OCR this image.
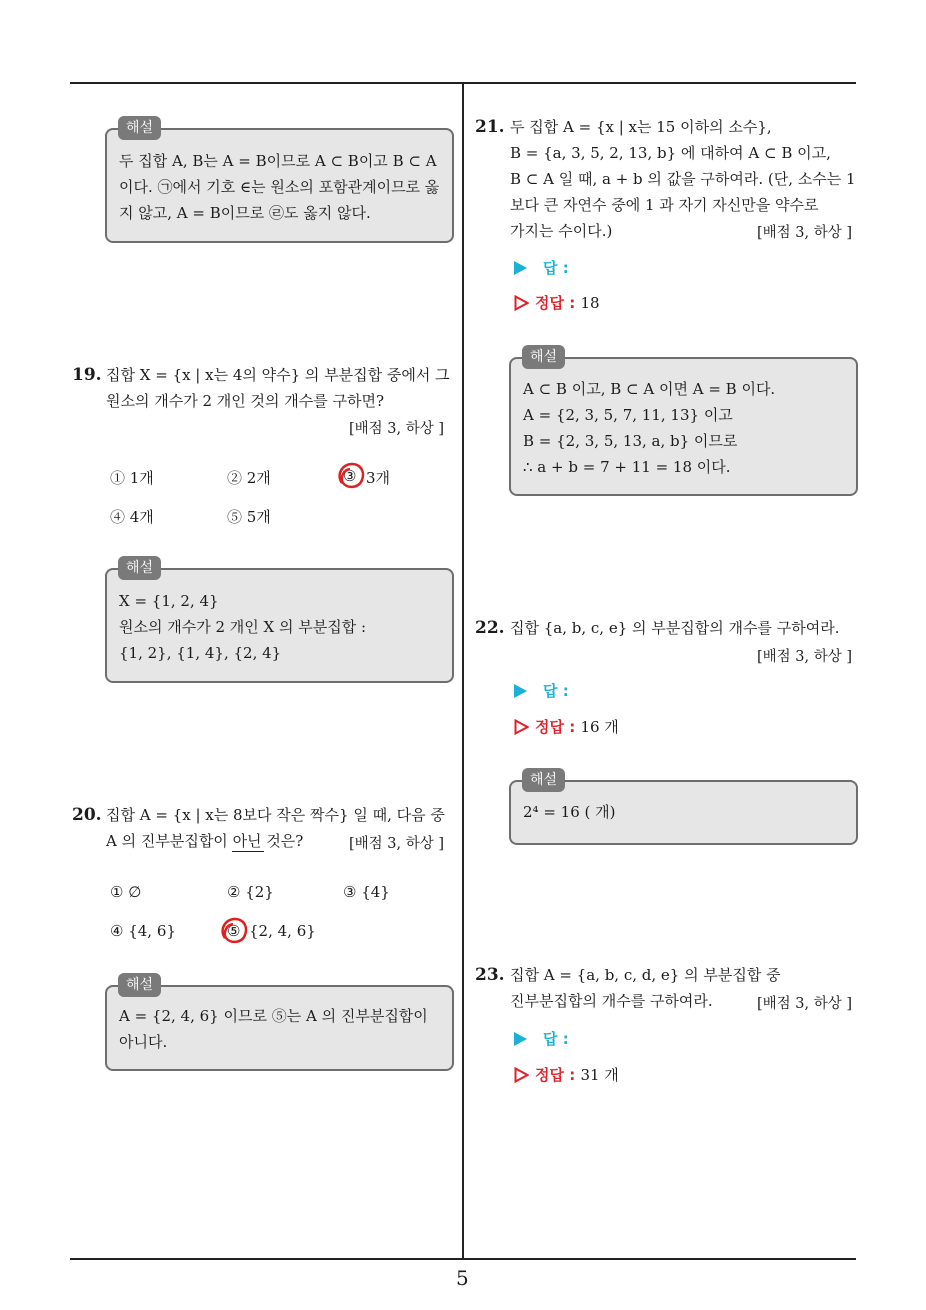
두 집합 A, B는 A = B이므로 A ⊂ B이고 B ⊂ A
이다. ㉠에서 기호 ∈는 원소의 포함관계이므로 옳
지 않고, A = B이므로 ㉣도 옳지 않다.
해설
19. 집합 X = {x | x는 4의 약수} 의 부분집합 중에서 그
원소의 개수가 2 개인 것의 개수를 구하면?
[배점 3, 하상 ]
① 1개	② 2개	③ 3개
④ 4개	⑤ 5개
X = {1, 2, 4}
원소의 개수가 2 개인 X 의 부분집합 :
{1, 2}, {1, 4}, {2, 4}
해설
20. 집합 A = {x | x는 8보다 작은 짝수} 일 때, 다음 중
A 의 진부분집합이 아닌 것은?	[배점 3, 하상 ]
① ∅	② {2}	③ {4}
④ {4, 6}	⑤ {2, 4, 6}
A = {2, 4, 6} 이므로 ⑤는 A 의 진부분집합이
아니다.
해설
21. 두 집합 A = {x | x는 15 이하의 소수},
B = {a, 3, 5, 2, 13, b} 에 대하여 A ⊂ B 이고,
B ⊂ A 일 때, a + b 의 값을 구하여라. (단, 소수는 1
보다 큰 자연수 중에 1 과 자기 자신만을 약수로
가지는 수이다.)	[배점 3, 하상 ]
답 :
정답 : 18
A ⊂ B 이고, B ⊂ A 이면 A = B 이다.
A = {2, 3, 5, 7, 11, 13} 이고
B = {2, 3, 5, 13, a, b} 이므로
∴ a + b = 7 + 11 = 18 이다.
해설
22. 집합 {a, b, c, e} 의 부분집합의 개수를 구하여라.
[배점 3, 하상 ]
답 :
정답 : 16 개
2⁴ = 16 ( 개)
해설
23. 집합 A = {a, b, c, d, e} 의 부분집합 중
진부분집합의 개수를 구하여라.	[배점 3, 하상 ]
답 :
정답 : 31 개
5
